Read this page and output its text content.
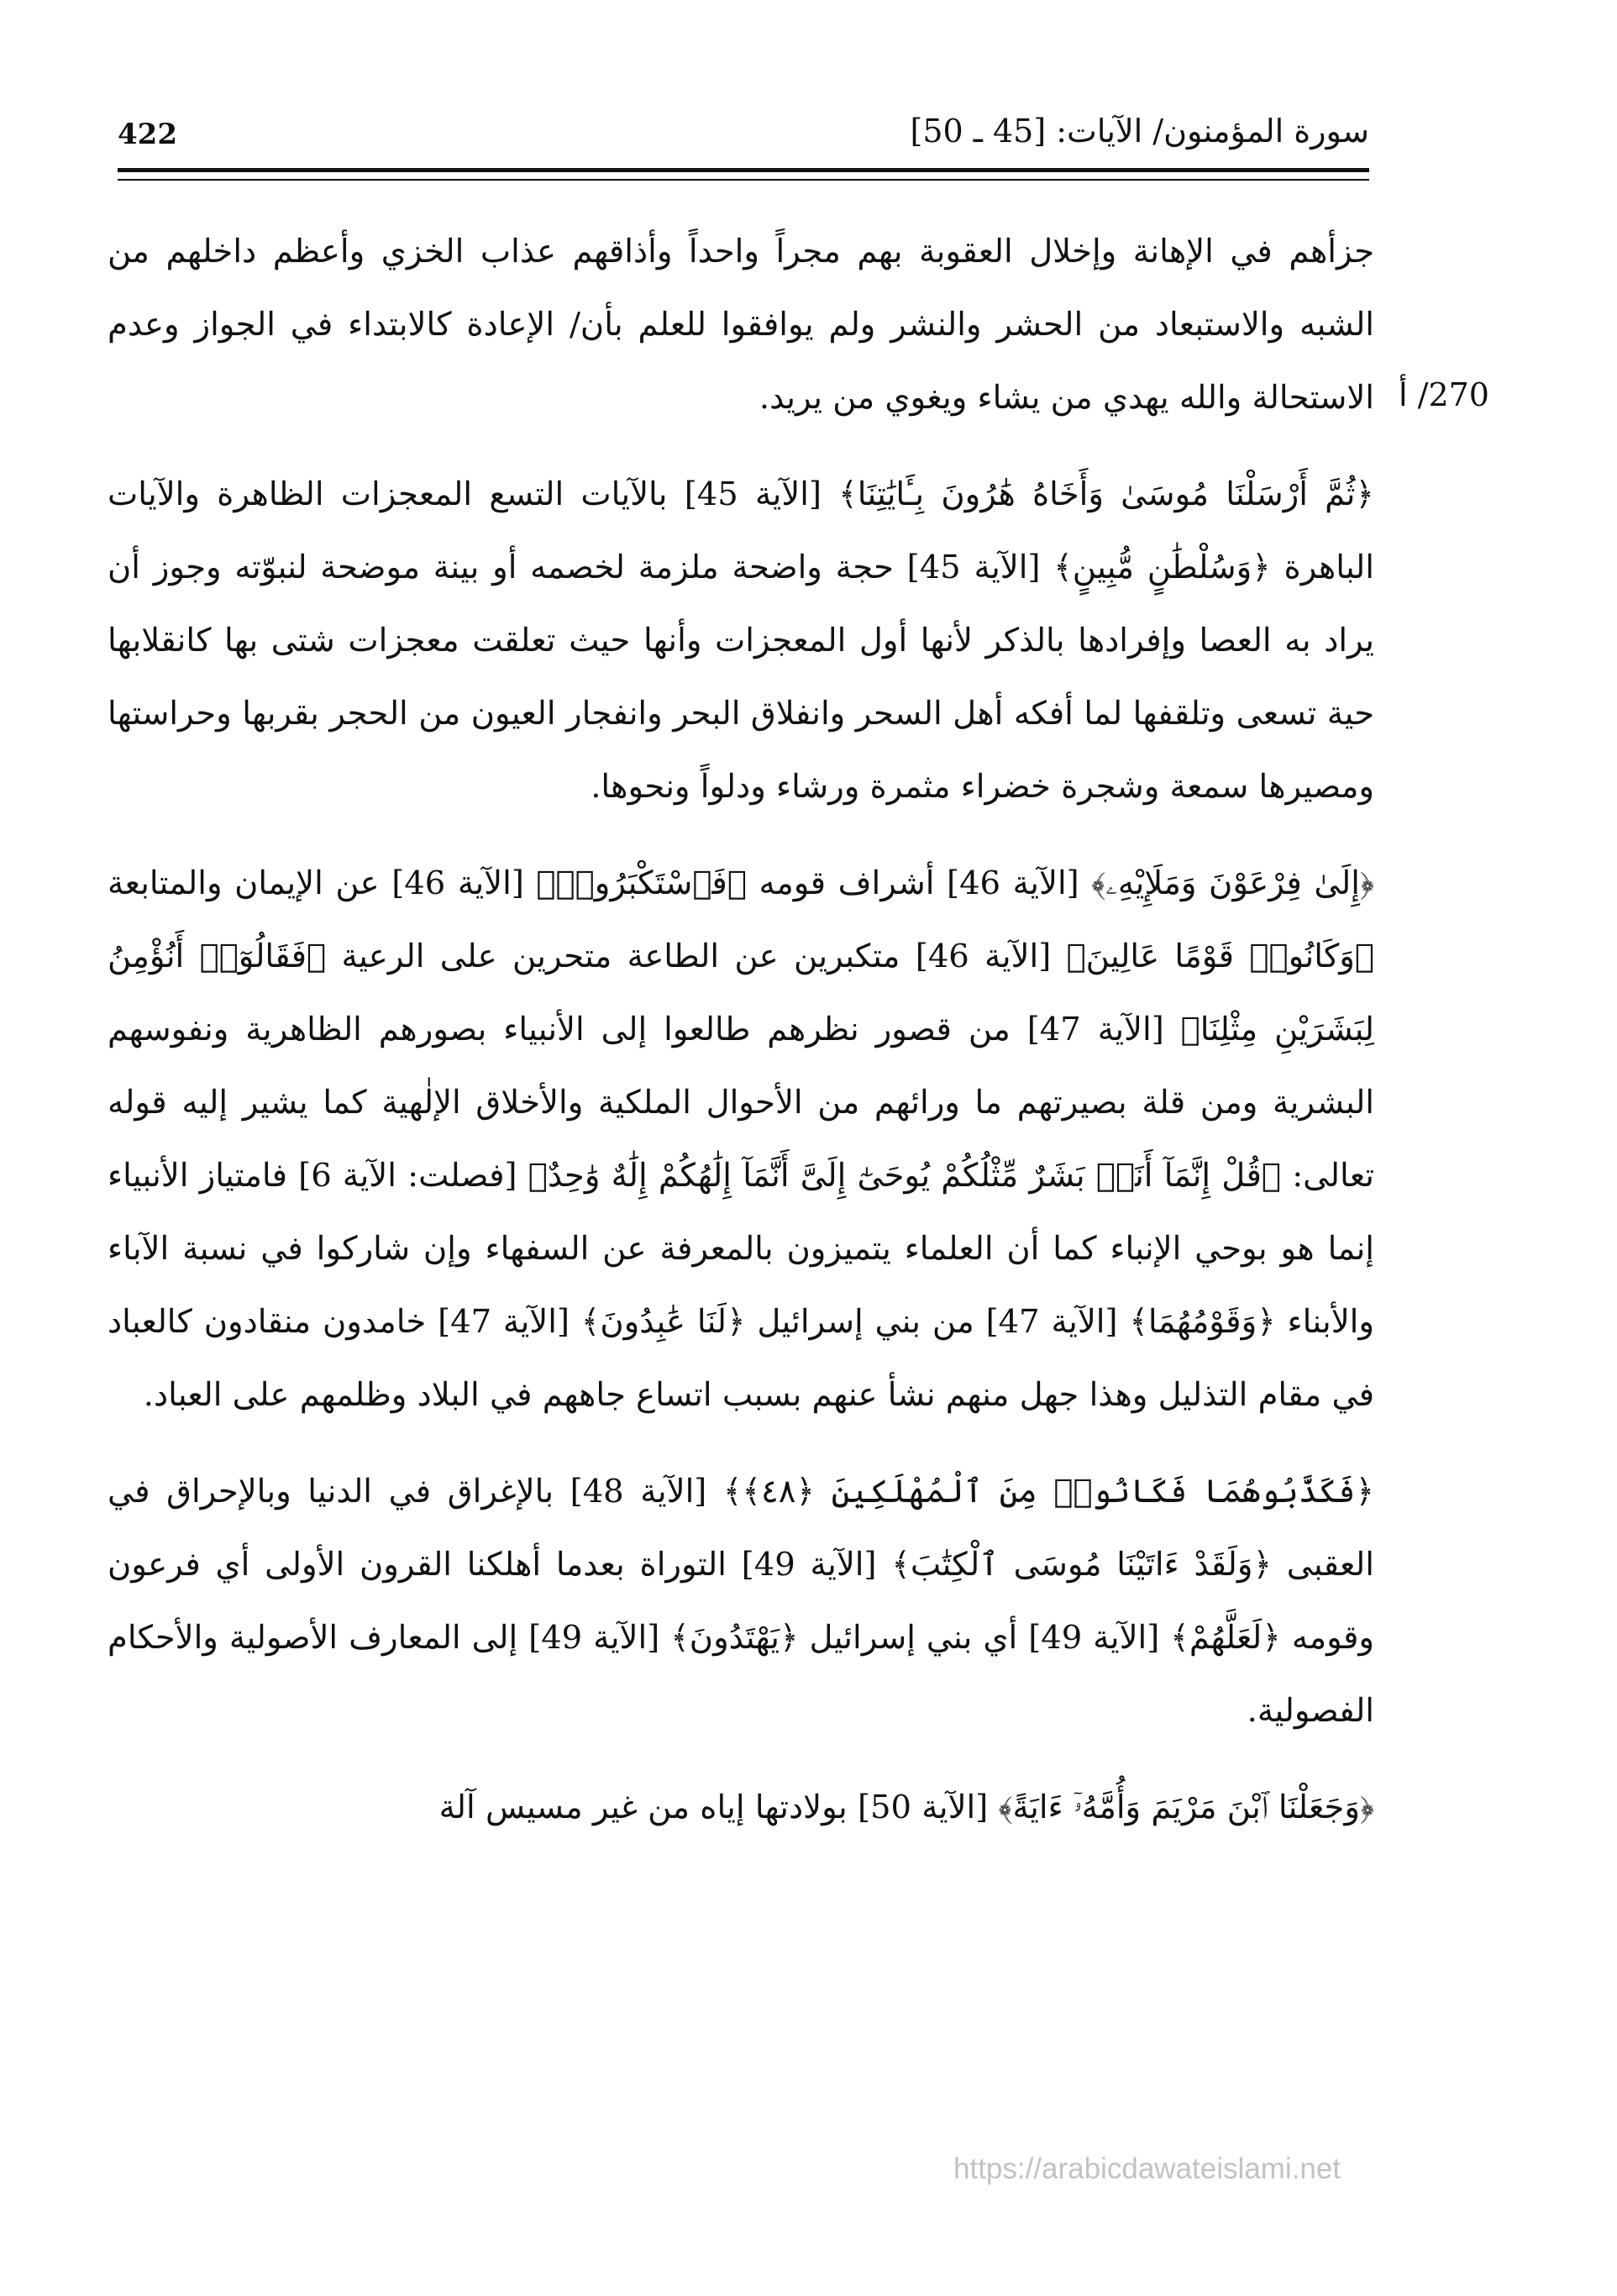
422	سورة المؤمنون/ الآيات: [45 ـ 50]
270/ أ

جزأهم في الإهانة وإخلال العقوبة بهم مجراً واحداً وأذاقهم عذاب الخزي وأعظم داخلهم من الشبه والاستبعاد من الحشر والنشر ولم يوافقوا للعلم بأن/ الإعادة كالابتداء في الجواز وعدم الاستحالة والله يهدي من يشاء ويغوي من يريد.

﴿ثُمَّ أَرْسَلْنَا مُوسَىٰ وَأَخَاهُ هَٰرُونَ بِـَٔايَٰتِنَا﴾ [الآية 45] بالآيات التسع المعجزات الظاهرة والآيات الباهرة ﴿وَسُلْطَٰنٍ مُّبِينٍ﴾ [الآية 45] حجة واضحة ملزمة لخصمه أو بينة موضحة لنبوّته وجوز أن يراد به العصا وإفرادها بالذكر لأنها أول المعجزات وأنها حيث تعلقت معجزات شتى بها كانقلابها حية تسعى وتلقفها لما أفكه أهل السحر وانفلاق البحر وانفجار العيون من الحجر بقربها وحراستها ومصيرها سمعة وشجرة خضراء مثمرة ورشاء ودلواً ونحوها.

﴿إِلَىٰ فِرْعَوْنَ وَمَلَإِيْهِۦ﴾ [الآية 46] أشراف قومه ﴿فَٱسْتَكْبَرُوا۟﴾ [الآية 46] عن الإيمان والمتابعة ﴿وَكَانُوا۟ قَوْمًا عَالِينَ﴾ [الآية 46] متكبرين عن الطاعة متحرين على الرعية ﴿فَقَالُوٓا۟ أَنُؤْمِنُ لِبَشَرَيْنِ مِثْلِنَا﴾ [الآية 47] من قصور نظرهم طالعوا إلى الأنبياء بصورهم الظاهرية ونفوسهم البشرية ومن قلة بصيرتهم ما ورائهم من الأحوال الملكية والأخلاق الإلٰهية كما يشير إليه قوله تعالى: ﴿قُلْ إِنَّمَآ أَنَا۠ بَشَرٌ مِّثْلُكُمْ يُوحَىٰٓ إِلَىَّ أَنَّمَآ إِلَٰهُكُمْ إِلَٰهٌ وَٰحِدٌ﴾ [فصلت: الآية 6] فامتياز الأنبياء إنما هو بوحي الإنباء كما أن العلماء يتميزون بالمعرفة عن السفهاء وإن شاركوا في نسبة الآباء والأبناء ﴿وَقَوْمُهُمَا﴾ [الآية 47] من بني إسرائيل ﴿لَنَا عَٰبِدُونَ﴾ [الآية 47] خامدون منقادون كالعباد في مقام التذليل وهذا جهل منهم نشأ عنهم بسبب اتساع جاههم في البلاد وظلمهم على العباد.

﴿فَكَذَّبُوهُمَا فَكَانُوا۟ مِنَ ٱلْمُهْلَكِينَ ﴿٤٨﴾﴾ [الآية 48] بالإغراق في الدنيا وبالإحراق في العقبى ﴿وَلَقَدْ ءَاتَيْنَا مُوسَى ٱلْكِتَٰبَ﴾ [الآية 49] التوراة بعدما أهلكنا القرون الأولى أي فرعون وقومه ﴿لَعَلَّهُمْ﴾ [الآية 49] أي بني إسرائيل ﴿يَهْتَدُونَ﴾ [الآية 49] إلى المعارف الأصولية والأحكام الفصولية.

﴿وَجَعَلْنَا ٱبْنَ مَرْيَمَ وَأُمَّهُۥٓ ءَايَةً﴾ [الآية 50] بولادتها إياه من غير مسيس آلة

https://arabicdawateislami.net
